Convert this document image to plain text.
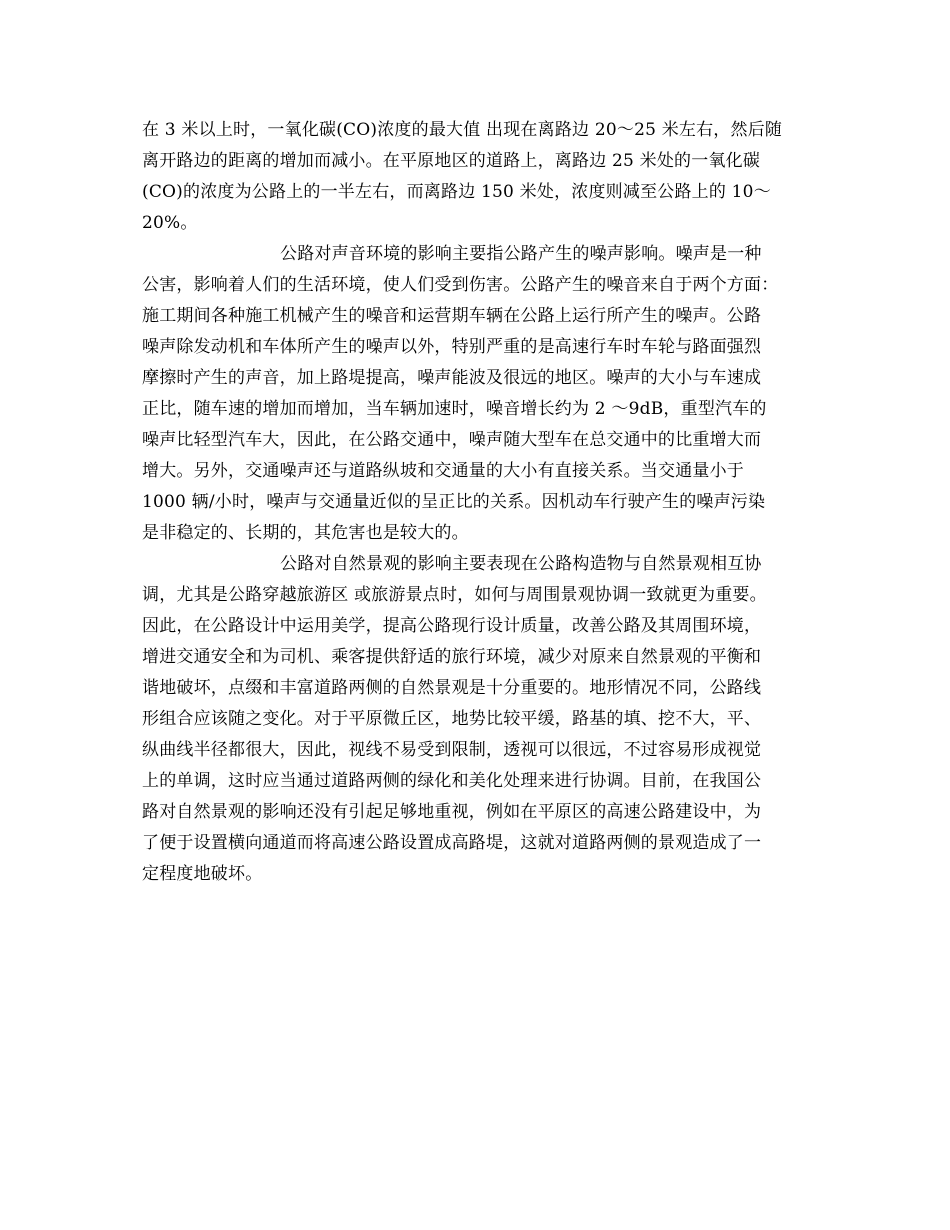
在 3 米以上时，一氧化碳(CO)浓度的最大值 出现在离路边 20～25 米左右，然后随
离开路边的距离的增加而减小。在平原地区的道路上，离路边 25 米处的一氧化碳
(CO)的浓度为公路上的一半左右，而离路边 150 米处，浓度则减至公路上的 10～
20%。
公路对声音环境的影响主要指公路产生的噪声影响。噪声是一种
公害，影响着人们的生活环境，使人们受到伤害。公路产生的噪音来自于两个方面：
施工期间各种施工机械产生的噪音和运营期车辆在公路上运行所产生的噪声。公路
噪声除发动机和车体所产生的噪声以外，特别严重的是高速行车时车轮与路面强烈
摩擦时产生的声音，加上路堤提高，噪声能波及很远的地区。噪声的大小与车速成
正比，随车速的增加而增加，当车辆加速时，噪音增长约为 2 ～9dB，重型汽车的
噪声比轻型汽车大，因此，在公路交通中，噪声随大型车在总交通中的比重增大而
增大。另外，交通噪声还与道路纵坡和交通量的大小有直接关系。当交通量小于
1000 辆/小时，噪声与交通量近似的呈正比的关系。因机动车行驶产生的噪声污染
是非稳定的、长期的，其危害也是较大的。
公路对自然景观的影响主要表现在公路构造物与自然景观相互协
调，尤其是公路穿越旅游区 或旅游景点时，如何与周围景观协调一致就更为重要。
因此，在公路设计中运用美学，提高公路现行设计质量，改善公路及其周围环境，
增进交通安全和为司机、乘客提供舒适的旅行环境，减少对原来自然景观的平衡和
谐地破坏，点缀和丰富道路两侧的自然景观是十分重要的。地形情况不同，公路线
形组合应该随之变化。对于平原微丘区，地势比较平缓，路基的填、挖不大，平、
纵曲线半径都很大，因此，视线不易受到限制，透视可以很远，不过容易形成视觉
上的单调，这时应当通过道路两侧的绿化和美化处理来进行协调。目前，在我国公
路对自然景观的影响还没有引起足够地重视，例如在平原区的高速公路建设中，为
了便于设置横向通道而将高速公路设置成高路堤，这就对道路两侧的景观造成了一
定程度地破坏。
